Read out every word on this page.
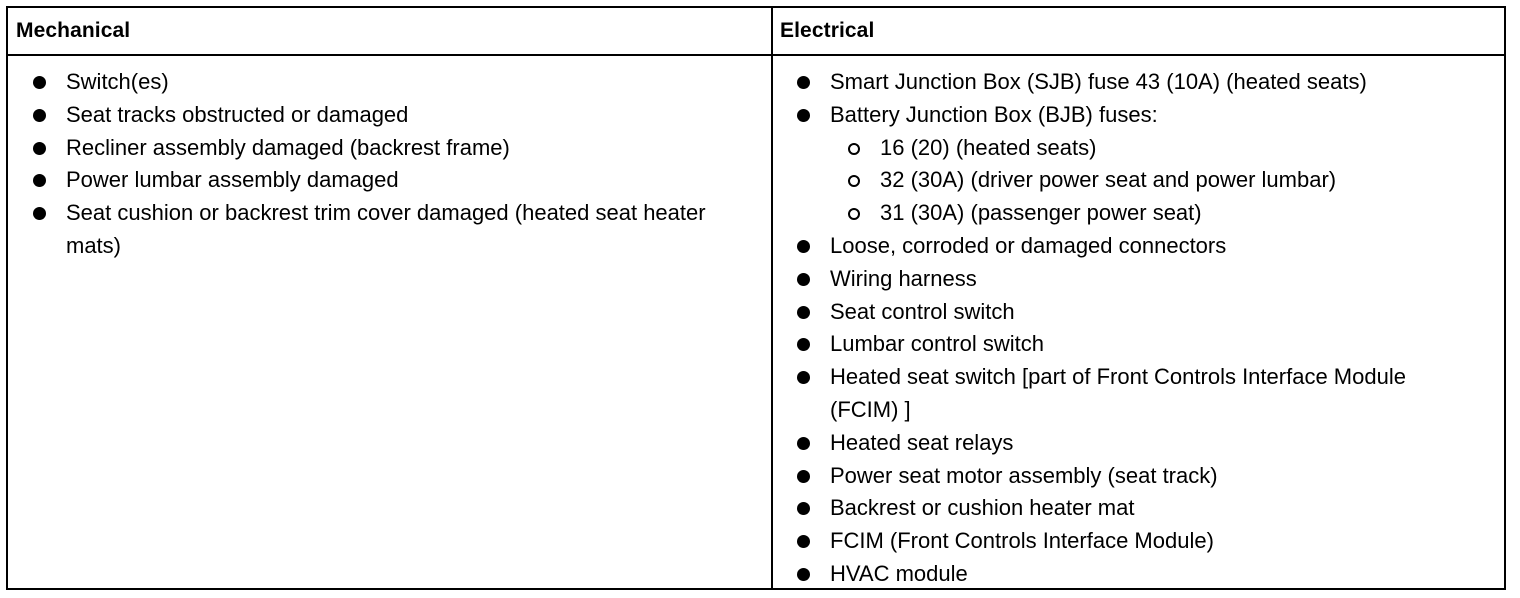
Mechanical	Electrical
Switch(es)
Seat tracks obstructed or damaged
Recliner assembly damaged (backrest frame)
Power lumbar assembly damaged
Seat cushion or backrest trim cover damaged (heated seat heater mats)
Smart Junction Box (SJB) fuse 43 (10A) (heated seats)
Battery Junction Box (BJB) fuses:
16 (20) (heated seats)
32 (30A) (driver power seat and power lumbar)
31 (30A) (passenger power seat)
Loose, corroded or damaged connectors
Wiring harness
Seat control switch
Lumbar control switch
Heated seat switch [part of Front Controls Interface Module (FCIM) ]
Heated seat relays
Power seat motor assembly (seat track)
Backrest or cushion heater mat
FCIM (Front Controls Interface Module)
HVAC module
